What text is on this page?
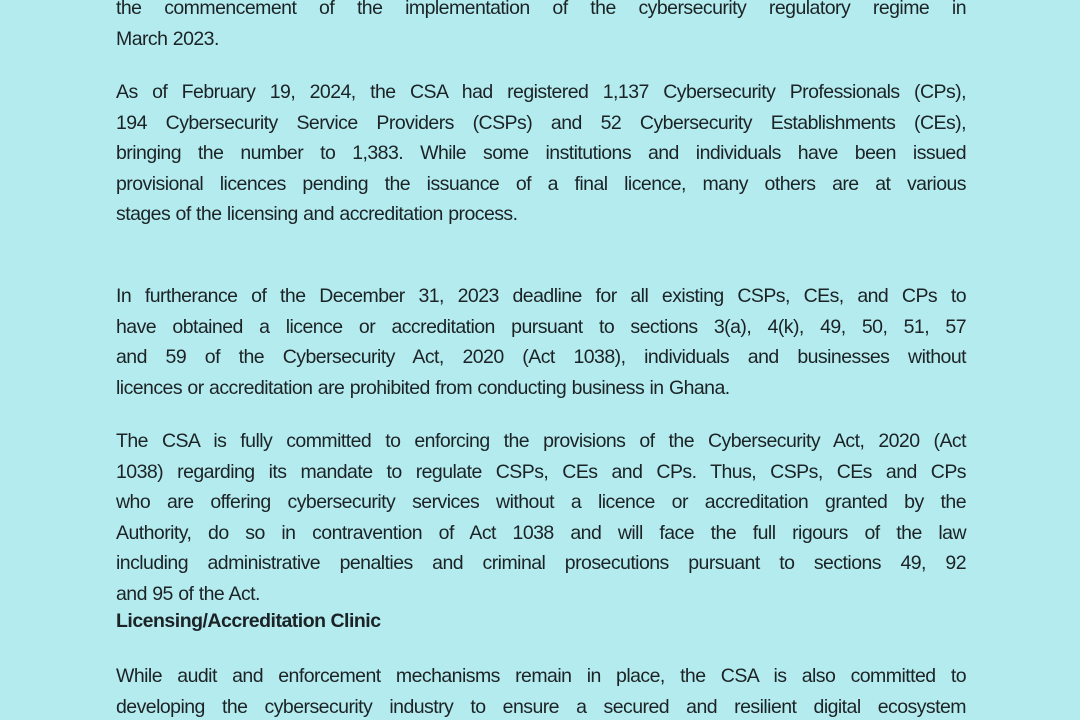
the commencement of the implementation of the cybersecurity regulatory regime in
March 2023.

As of February 19, 2024, the CSA had registered 1,137 Cybersecurity Professionals (CPs),
194 Cybersecurity Service Providers (CSPs) and 52 Cybersecurity Establishments (CEs),
bringing the number to 1,383. While some institutions and individuals have been issued
provisional licences pending the issuance of a final licence, many others are at various
stages of the licensing and accreditation process.

In furtherance of the December 31, 2023 deadline for all existing CSPs, CEs, and CPs to
have obtained a licence or accreditation pursuant to sections 3(a), 4(k), 49, 50, 51, 57
and 59 of the Cybersecurity Act, 2020 (Act 1038), individuals and businesses without
licences or accreditation are prohibited from conducting business in Ghana.

The CSA is fully committed to enforcing the provisions of the Cybersecurity Act, 2020 (Act
1038) regarding its mandate to regulate CSPs, CEs and CPs. Thus, CSPs, CEs and CPs
who are offering cybersecurity services without a licence or accreditation granted by the
Authority, do so in contravention of Act 1038 and will face the full rigours of the law
including administrative penalties and criminal prosecutions pursuant to sections 49, 92
and 95 of the Act.

Licensing/Accreditation Clinic

While audit and enforcement mechanisms remain in place, the CSA is also committed to
developing the cybersecurity industry to ensure a secured and resilient digital ecosystem
